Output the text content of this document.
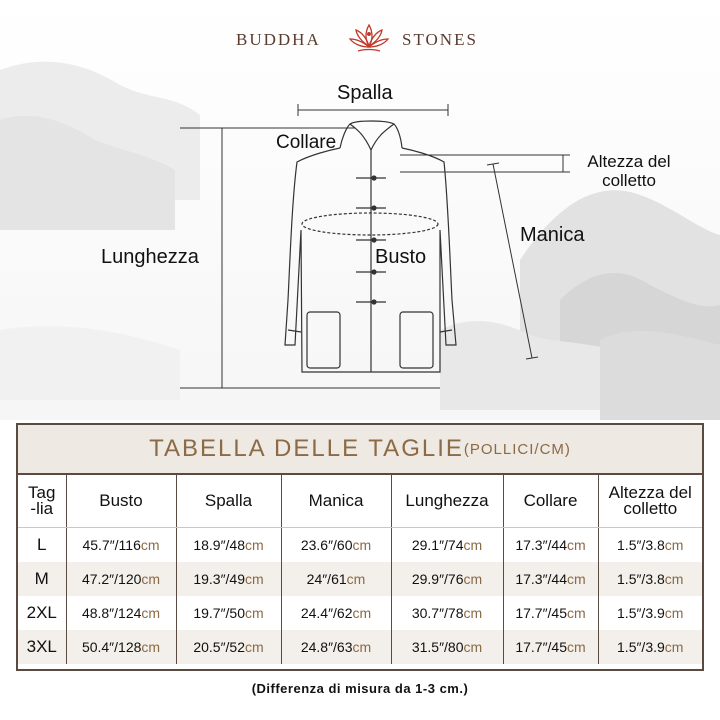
BUDDHA	STONES
Spalla
Collare
Altezza del
colletto
Manica
Lunghezza	Busto
TABELLA DELLE TAGLIE (POLLICI/CM)
Tag
-lia	Busto	Spalla	Manica	Lunghezza	Collare	Altezza del
colletto
L	45.7″/116cm	18.9″/48cm	23.6″/60cm	29.1″/74cm	17.3″/44cm	1.5″/3.8cm
M	47.2″/120cm	19.3″/49cm	24″/61cm	29.9″/76cm	17.3″/44cm	1.5″/3.8cm
2XL	48.8″/124cm	19.7″/50cm	24.4″/62cm	30.7″/78cm	17.7″/45cm	1.5″/3.9cm
3XL	50.4″/128cm	20.5″/52cm	24.8″/63cm	31.5″/80cm	17.7″/45cm	1.5″/3.9cm
(Differenza di misura da 1-3 cm.)
